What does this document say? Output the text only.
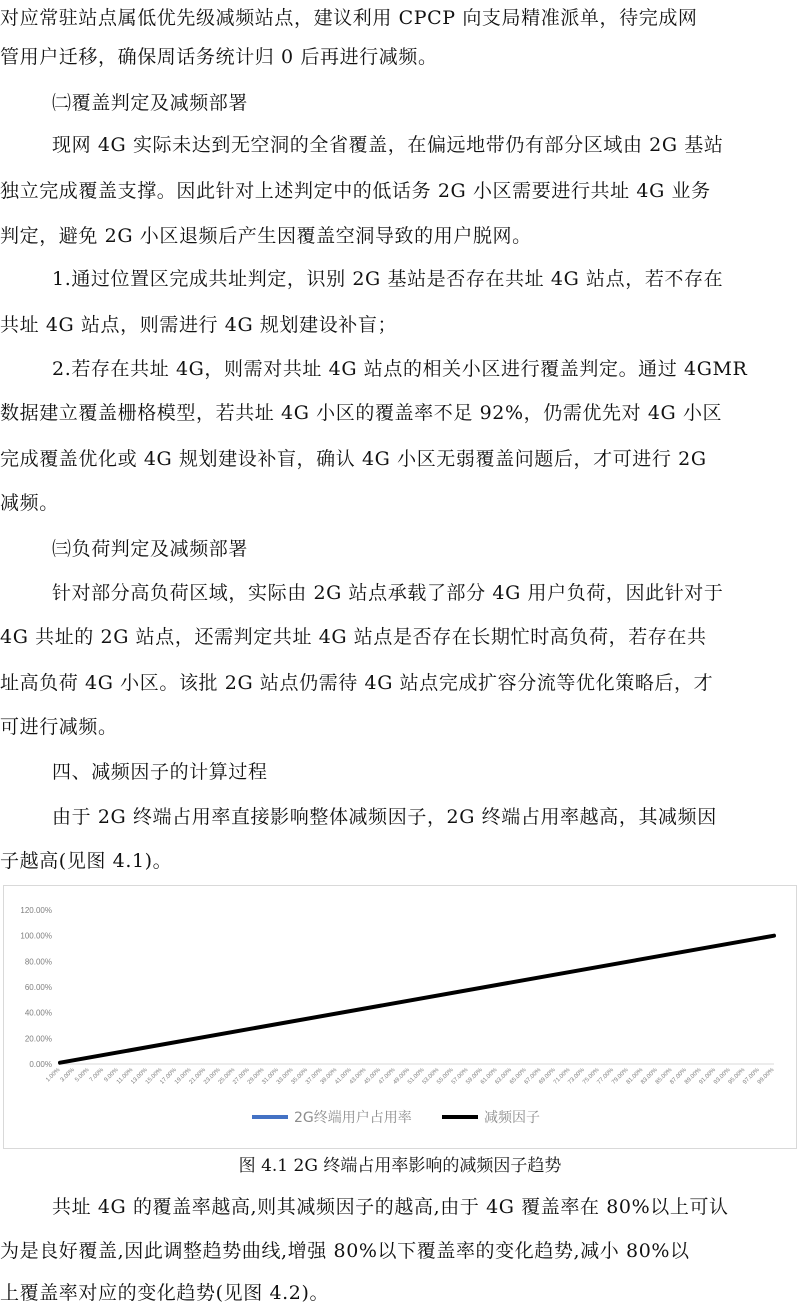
对应常驻站点属低优先级减频站点，建议利用 CPCP 向支局精准派单，待完成网

管用户迁移，确保周话务统计归 0 后再进行减频。

㈡覆盖判定及减频部署

现网 4G 实际未达到无空洞的全省覆盖，在偏远地带仍有部分区域由 2G 基站

独立完成覆盖支撑。因此针对上述判定中的低话务 2G 小区需要进行共址 4G 业务

判定，避免 2G 小区退频后产生因覆盖空洞导致的用户脱网。

1.通过位置区完成共址判定，识别 2G 基站是否存在共址 4G 站点，若不存在

共址 4G 站点，则需进行 4G 规划建设补盲；

2.若存在共址 4G，则需对共址 4G 站点的相关小区进行覆盖判定。通过 4GMR

数据建立覆盖栅格模型，若共址 4G 小区的覆盖率不足 92%，仍需优先对 4G 小区

完成覆盖优化或 4G 规划建设补盲，确认 4G 小区无弱覆盖问题后，才可进行 2G

减频。

㈢负荷判定及减频部署

针对部分高负荷区域，实际由 2G 站点承载了部分 4G 用户负荷，因此针对于

4G 共址的 2G 站点，还需判定共址 4G 站点是否存在长期忙时高负荷，若存在共

址高负荷 4G 小区。该批 2G 站点仍需待 4G 站点完成扩容分流等优化策略后，才

可进行减频。

四、减频因子的计算过程

由于 2G 终端占用率直接影响整体减频因子，2G 终端占用率越高，其减频因

子越高(见图 4.1)。

0.00%
20.00%
40.00%
60.00%
80.00%
100.00%
120.00%
1.00%
3.00%
5.00%
7.00%
9.00%
11.00%
13.00%
15.00%
17.00%
19.00%
21.00%
23.00%
25.00%
27.00%
29.00%
31.00%
33.00%
35.00%
37.00%
39.00%
41.00%
43.00%
45.00%
47.00%
49.00%
51.00%
53.00%
55.00%
57.00%
59.00%
61.00%
63.00%
65.00%
67.00%
69.00%
71.00%
73.00%
75.00%
77.00%
79.00%
81.00%
83.00%
85.00%
87.00%
89.00%
91.00%
93.00%
95.00%
97.00%
99.00%
2G终端用户占用率	减频因子
图 4.1 2G 终端占用率影响的减频因子趋势

共址 4G 的覆盖率越高,则其减频因子的越高,由于 4G 覆盖率在 80%以上可认

为是良好覆盖,因此调整趋势曲线,增强 80%以下覆盖率的变化趋势,减小 80%以

上覆盖率对应的变化趋势(见图 4.2)。
